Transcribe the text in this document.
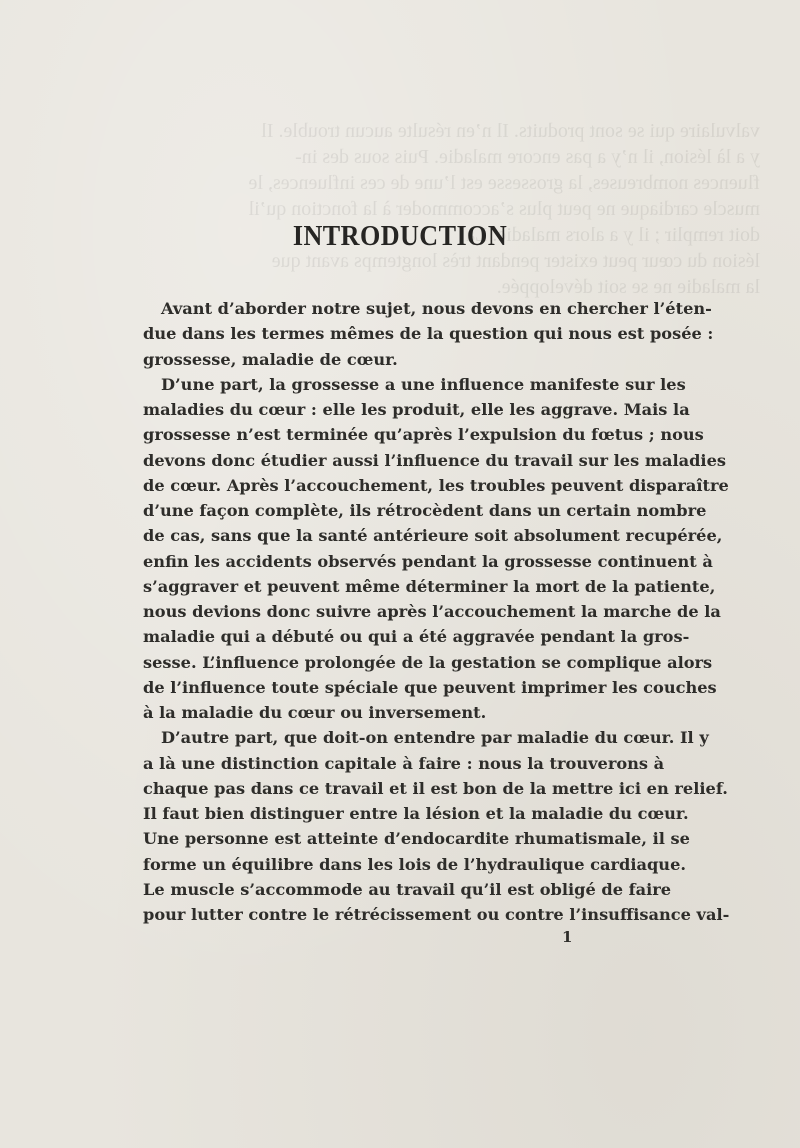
valvulaire qui se sont produits. Il n’en résulte aucun trouble. Il
y a là lésion, il n’y a pas encore maladie. Puis sous des in-
fluences nombreuses, la grossesse est l’une de ces influences, le
muscle cardiaque ne peut plus s’accommoder à la fonction qu’il
doit remplir ; il y a alors maladie. La
lésion du cœur peut exister pendant très longtemps avant que
la maladie ne se soit développée.
INTRODUCTION
Avant d’aborder notre sujet, nous devons en chercher l’éten-
due dans les termes mêmes de la question qui nous est posée :
grossesse, maladie de cœur.
D’une part, la grossesse a une influence manifeste sur les
maladies du cœur : elle les produit, elle les aggrave. Mais la
grossesse n’est terminée qu’après l’expulsion du fœtus ; nous
devons donc étudier aussi l’influence du travail sur les maladies
de cœur. Après l’accouchement, les troubles peuvent disparaître
d’une façon complète, ils rétrocèdent dans un certain nombre
de cas, sans que la santé antérieure soit absolument recupérée,
enfin les accidents observés pendant la grossesse continuent à
s’aggraver et peuvent même déterminer la mort de la patiente,
nous devions donc suivre après l’accouchement la marche de la
maladie qui a débuté ou qui a été aggravée pendant la gros-
sesse. L’influence prolongée de la gestation se complique alors
de l’influence toute spéciale que peuvent imprimer les couches
à la maladie du cœur ou inversement.
D’autre part, que doit-on entendre par maladie du cœur. Il y
a là une distinction capitale à faire : nous la trouverons à
chaque pas dans ce travail et il est bon de la mettre ici en relief.
Il faut bien distinguer entre la lésion et la maladie du cœur.
Une personne est atteinte d’endocardite rhumatismale, il se
forme un équilibre dans les lois de l’hydraulique cardiaque.
Le muscle s’accommode au travail qu’il est obligé de faire
pour lutter contre le rétrécissement ou contre l’insuffisance val-
1
